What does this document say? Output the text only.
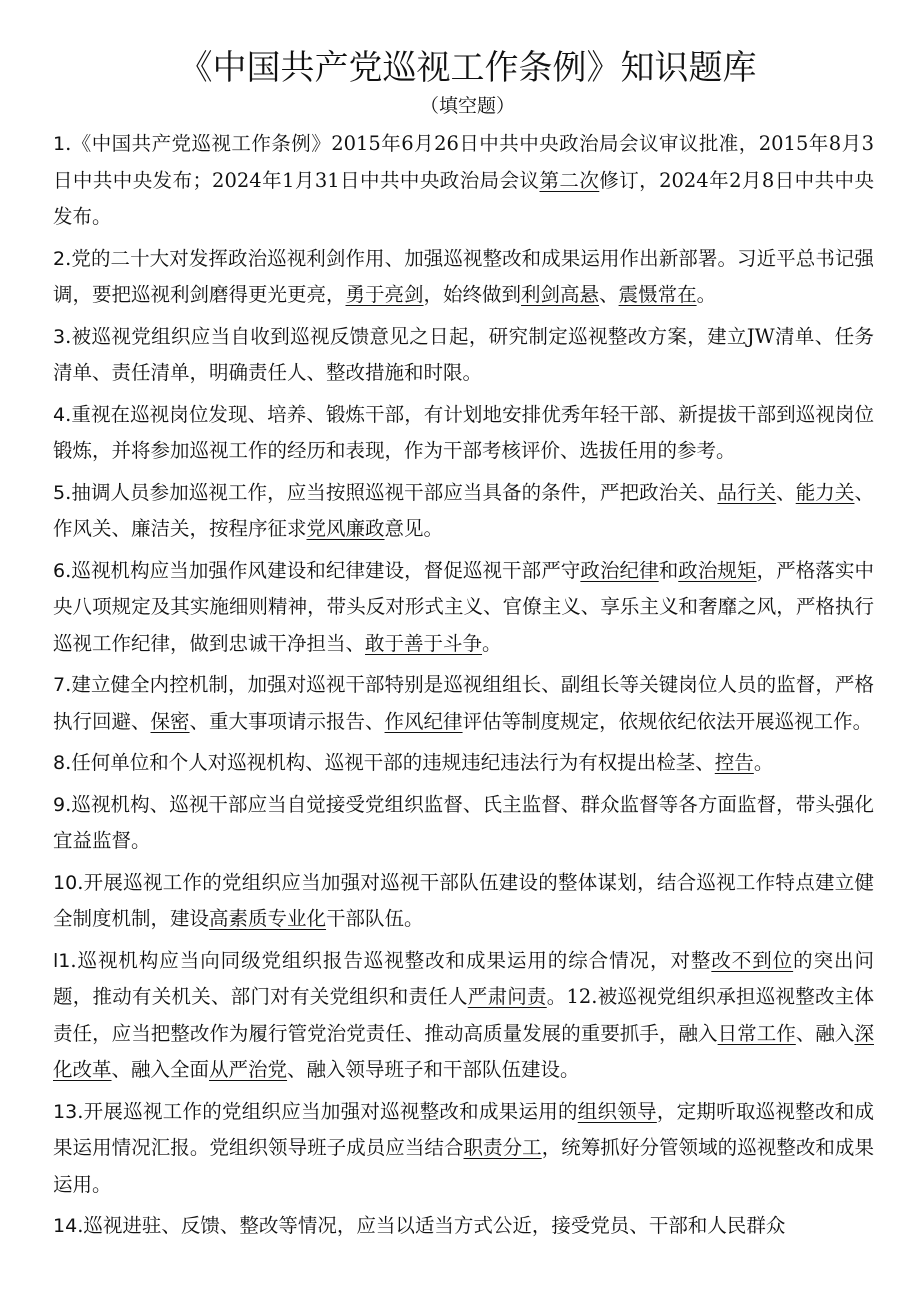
《中国共产党巡视工作条例》知识题库
（填空题）

1.《中国共产党巡视工作条例》2015年6月26日中共中央政治局会议审议批准，2015年8月3日中共中央发布；2024年1月31日中共中央政治局会议第二次修订，2024年2月8日中共中央发布。

2.党的二十大对发挥政治巡视利剑作用、加强巡视整改和成果运用作出新部署。习近平总书记强调，要把巡视利剑磨得更光更亮，勇于亮剑，始终做到利剑高悬、震慑常在。

3.被巡视党组织应当自收到巡视反馈意见之日起，研究制定巡视整改方案，建立JW清单、任务清单、责任清单，明确责任人、整改措施和时限。

4.重视在巡视岗位发现、培养、锻炼干部，有计划地安排优秀年轻干部、新提拔干部到巡视岗位锻炼，并将参加巡视工作的经历和表现，作为干部考核评价、选拔任用的参考。

5.抽调人员参加巡视工作，应当按照巡视干部应当具备的条件，严把政治关、品行关、能力关、作风关、廉洁关，按程序征求党风廉政意见。

6.巡视机构应当加强作风建设和纪律建设，督促巡视干部严守政治纪律和政治规矩，严格落实中央八项规定及其实施细则精神，带头反对形式主义、官僚主义、享乐主义和奢靡之风，严格执行巡视工作纪律，做到忠诚干净担当、敢于善于斗争。

7.建立健全内控机制，加强对巡视干部特别是巡视组组长、副组长等关键岗位人员的监督，严格执行回避、保密、重大事项请示报告、作风纪律评估等制度规定，依规依纪依法开展巡视工作。

8.任何单位和个人对巡视机构、巡视干部的违规违纪违法行为有权提出检茎、控告。

9.巡视机构、巡视干部应当自觉接受党组织监督、氏主监督、群众监督等各方面监督，带头强化宜益监督。

10.开展巡视工作的党组织应当加强对巡视干部队伍建设的整体谋划，结合巡视工作特点建立健全制度机制，建设高素质专业化干部队伍。

l1.巡视机构应当向同级党组织报告巡视整改和成果运用的综合情况，对整改不到位的突出问题，推动有关机关、部门对有关党组织和责任人严肃问责。12.被巡视党组织承担巡视整改主体责任，应当把整改作为履行管党治党责任、推动高质量发展的重要抓手，融入日常工作、融入深化改革、融入全面从严治党、融入领导班子和干部队伍建设。

13.开展巡视工作的党组织应当加强对巡视整改和成果运用的组织领导，定期听取巡视整改和成果运用情况汇报。党组织领导班子成员应当结合职责分工，统筹抓好分管领域的巡视整改和成果运用。

14.巡视进驻、反馈、整改等情况，应当以适当方式公近，接受党员、干部和人民群众
